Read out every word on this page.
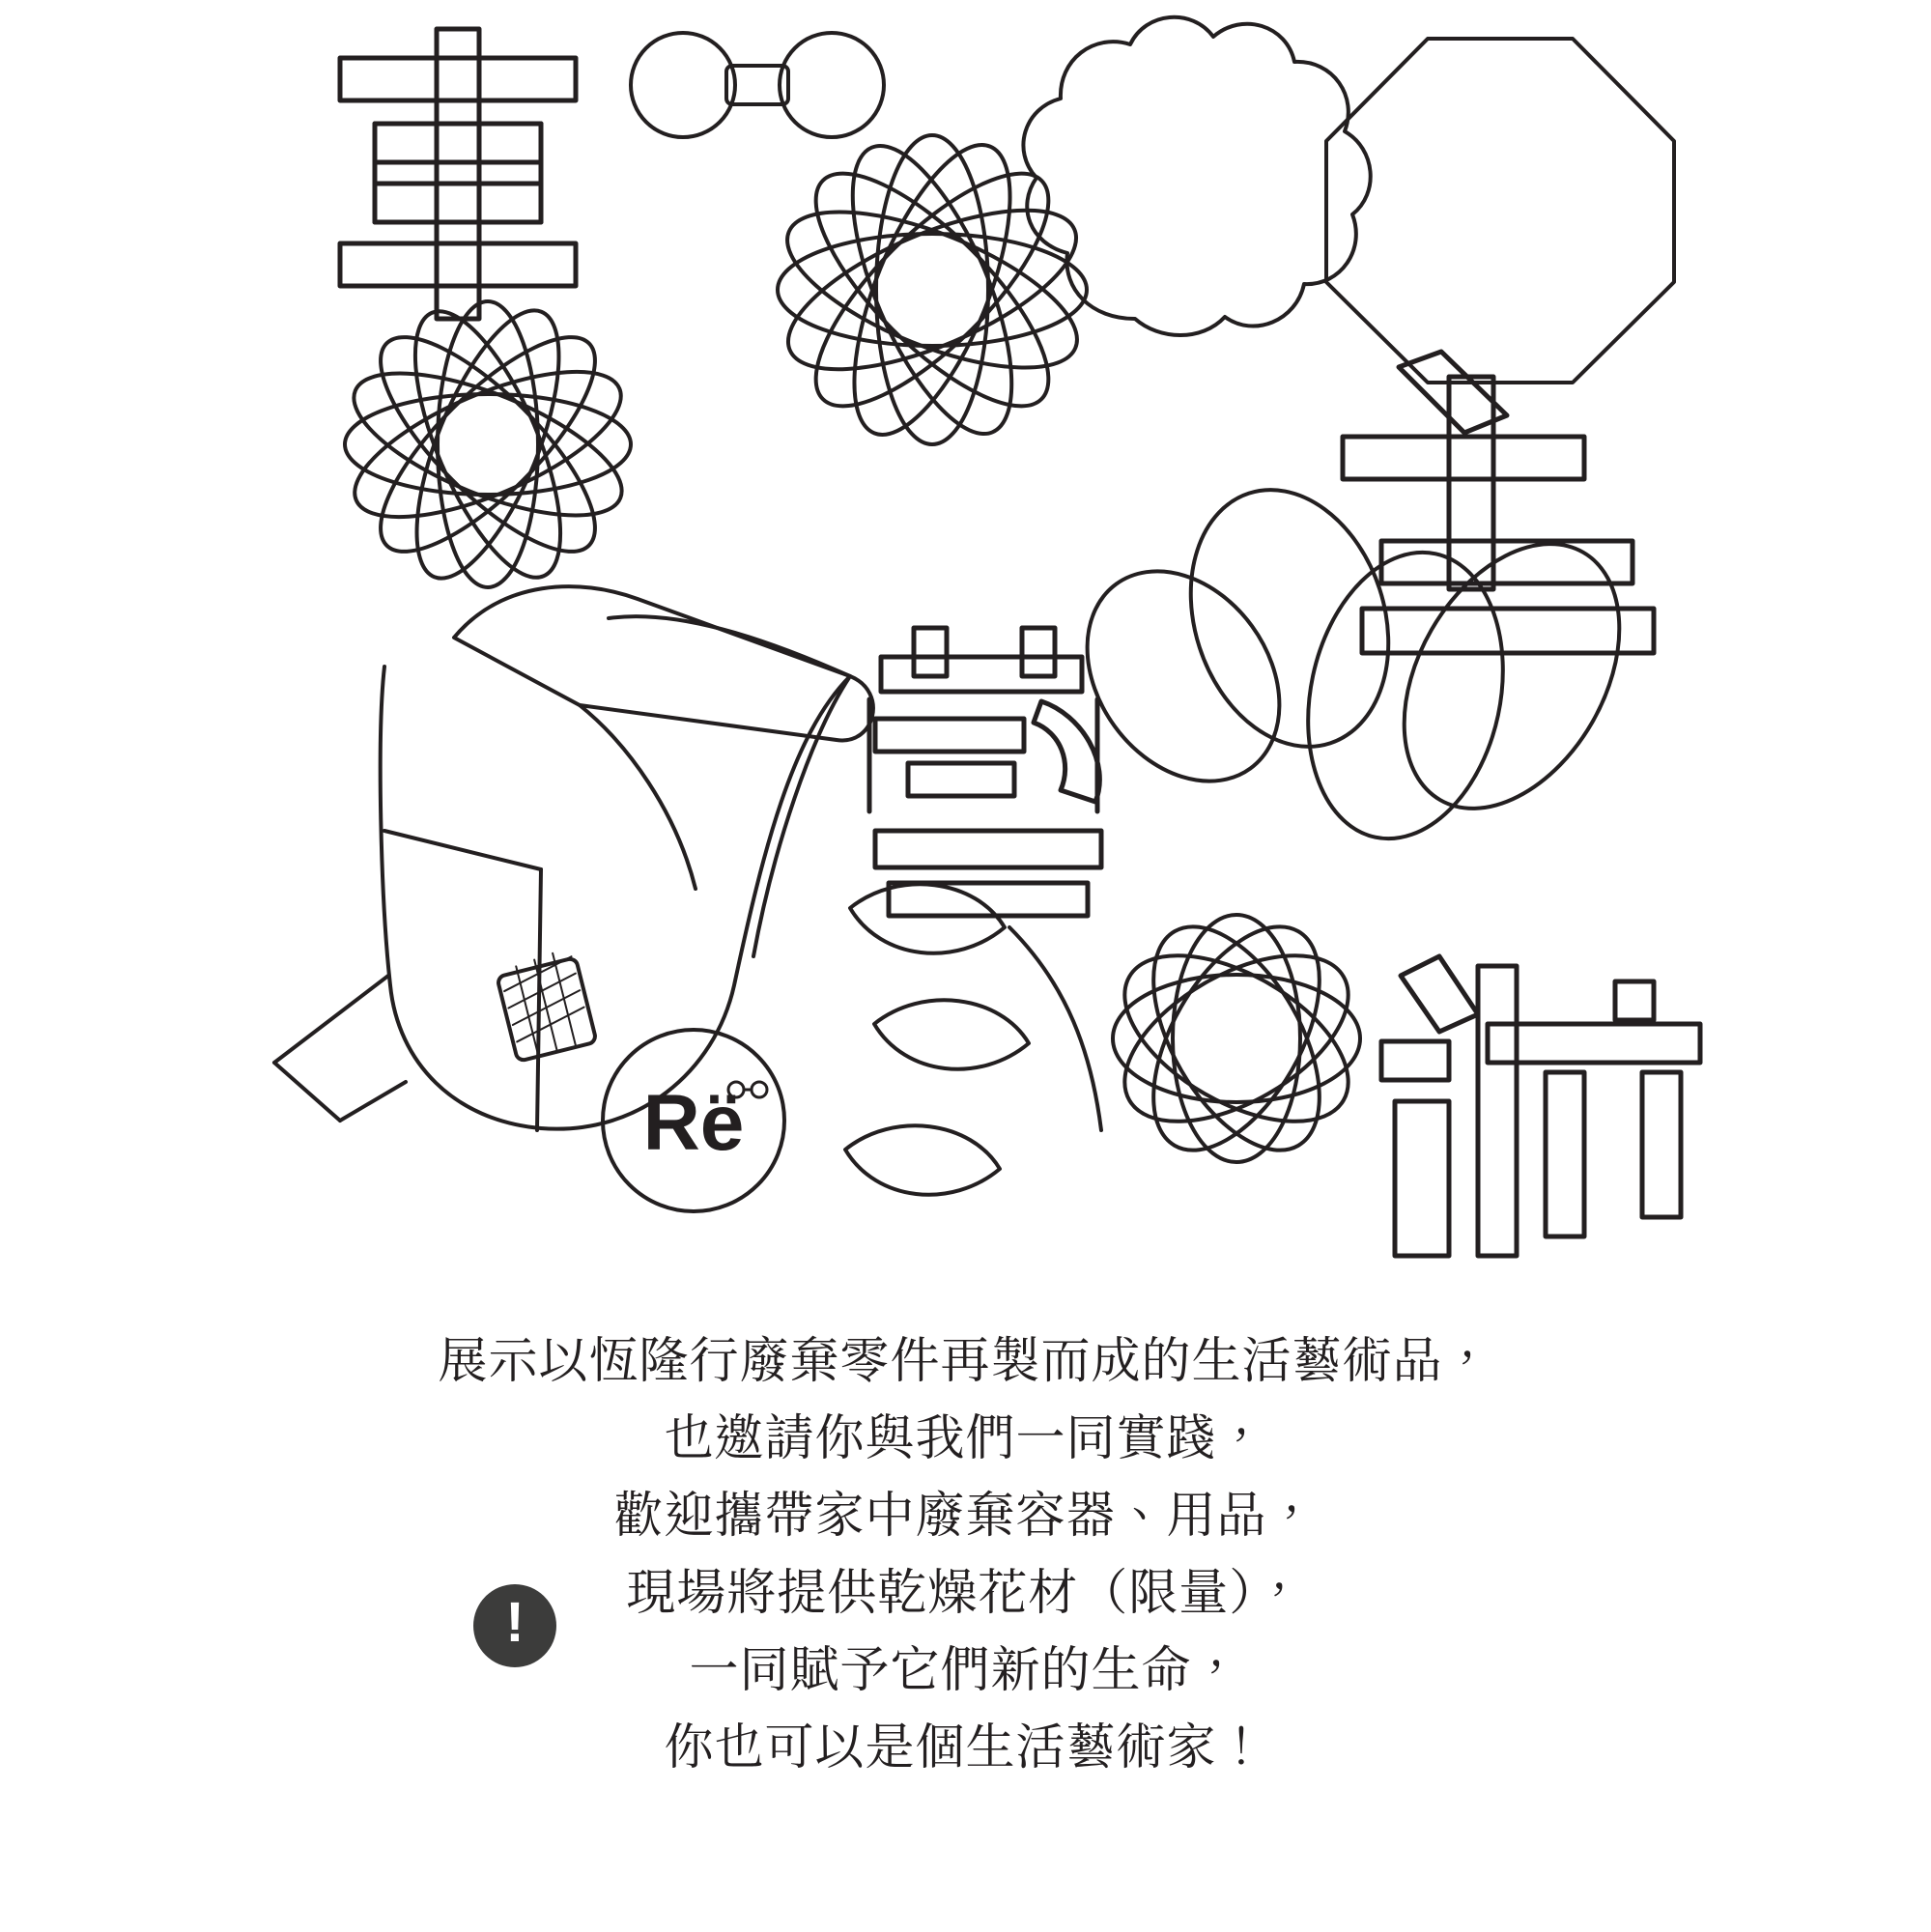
Rë
!
展示以恆隆行廢棄零件再製而成的生活藝術品，
也邀請你與我們一同實踐，
歡迎攜帶家中廢棄容器、用品，
現場將提供乾燥花材（限量），
一同賦予它們新的生命，
你也可以是個生活藝術家！
